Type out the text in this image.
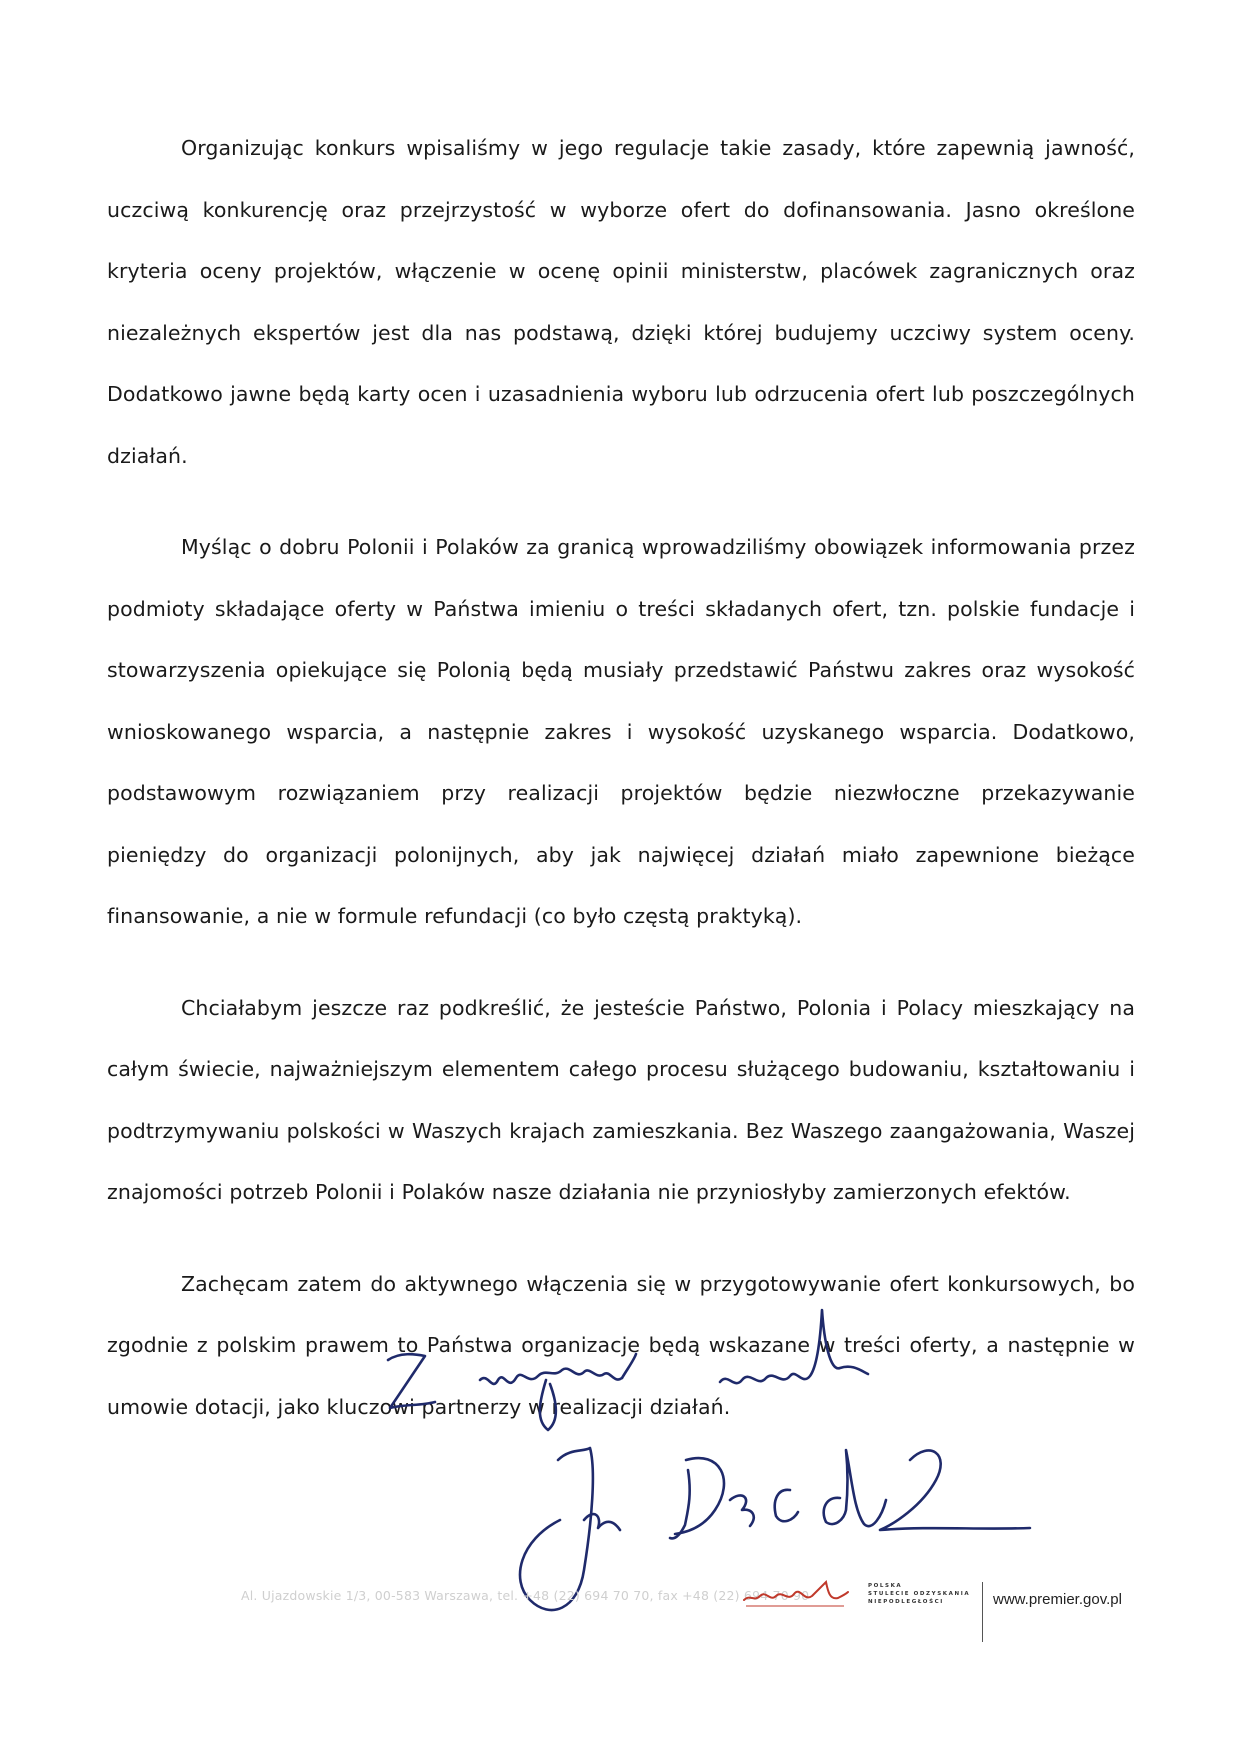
Organizując konkurs wpisaliśmy w jego regulacje takie zasady, które zapewnią jawność, uczciwą konkurencję oraz przejrzystość w wyborze ofert do dofinansowania. Jasno określone kryteria oceny projektów, włączenie w ocenę opinii ministerstw, placówek zagranicznych oraz niezależnych ekspertów jest dla nas podstawą, dzięki której budujemy uczciwy system oceny. Dodatkowo jawne będą karty ocen i uzasadnienia wyboru lub odrzucenia ofert lub poszczególnych działań.

Myśląc o dobru Polonii i Polaków za granicą wprowadziliśmy obowiązek informowania przez podmioty składające oferty w Państwa imieniu o treści składanych ofert, tzn. polskie fundacje i stowarzyszenia opiekujące się Polonią będą musiały przedstawić Państwu zakres oraz wysokość wnioskowanego wsparcia, a następnie zakres i wysokość uzyskanego wsparcia. Dodatkowo, podstawowym rozwiązaniem przy realizacji projektów będzie niezwłoczne przekazywanie pieniędzy do organizacji polonijnych, aby jak najwięcej działań miało zapewnione bieżące finansowanie, a nie w formule refundacji (co było częstą praktyką).

Chciałabym jeszcze raz podkreślić, że jesteście Państwo, Polonia i Polacy mieszkający na całym świecie, najważniejszym elementem całego procesu służącego budowaniu, kształtowaniu i podtrzymywaniu polskości w Waszych krajach zamieszkania. Bez Waszego zaangażowania, Waszej znajomości potrzeb Polonii i Polaków nasze działania nie przyniosłyby zamierzonych efektów.

Zachęcam zatem do aktywnego włączenia się w przygotowywanie ofert konkursowych, bo zgodnie z polskim prawem to Państwa organizacje będą wskazane w treści oferty, a następnie w umowie dotacji, jako kluczowi partnerzy w realizacji działań.

Al. Ujazdowskie 1/3, 00-583 Warszawa, tel. +48 (22) 694 70 70, fax +48 (22) 694 70 90
POLSKA
STULECIE ODZYSKANIA
NIEPODLEGŁOŚCI	www.premier.gov.pl
